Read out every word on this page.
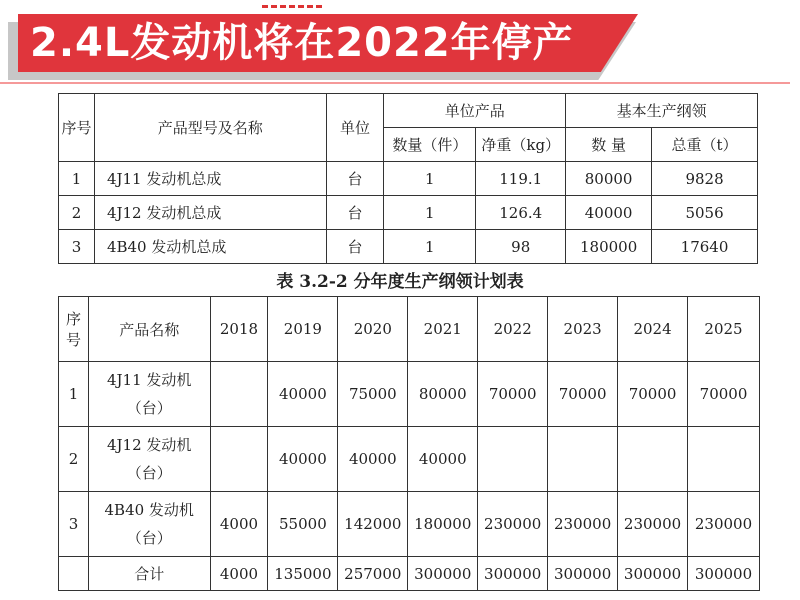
2.4L发动机将在2022年停产
序号	产品型号及名称	单位	单位产品		基本生产纲领	
			数量（件）	净重（kg）	数 量	总重（t）
1	4J11 发动机总成	台	1	119.1	80000	9828
2	4J12 发动机总成	台	1	126.4	40000	5056
3	4B40 发动机总成	台	1	98	180000	17640
表 3.2-2 分年度生产纲领计划表
序号	产品名称	2018	2019	2020	2021	2022	2023	2024	2025
1	4J11 发动机
（台）		40000	75000	80000	70000	70000	70000	70000
2	4J12 发动机
（台）		40000	40000	40000				
3	4B40 发动机
（台）	4000	55000	142000	180000	230000	230000	230000	230000
	合计	4000	135000	257000	300000	300000	300000	300000	300000
